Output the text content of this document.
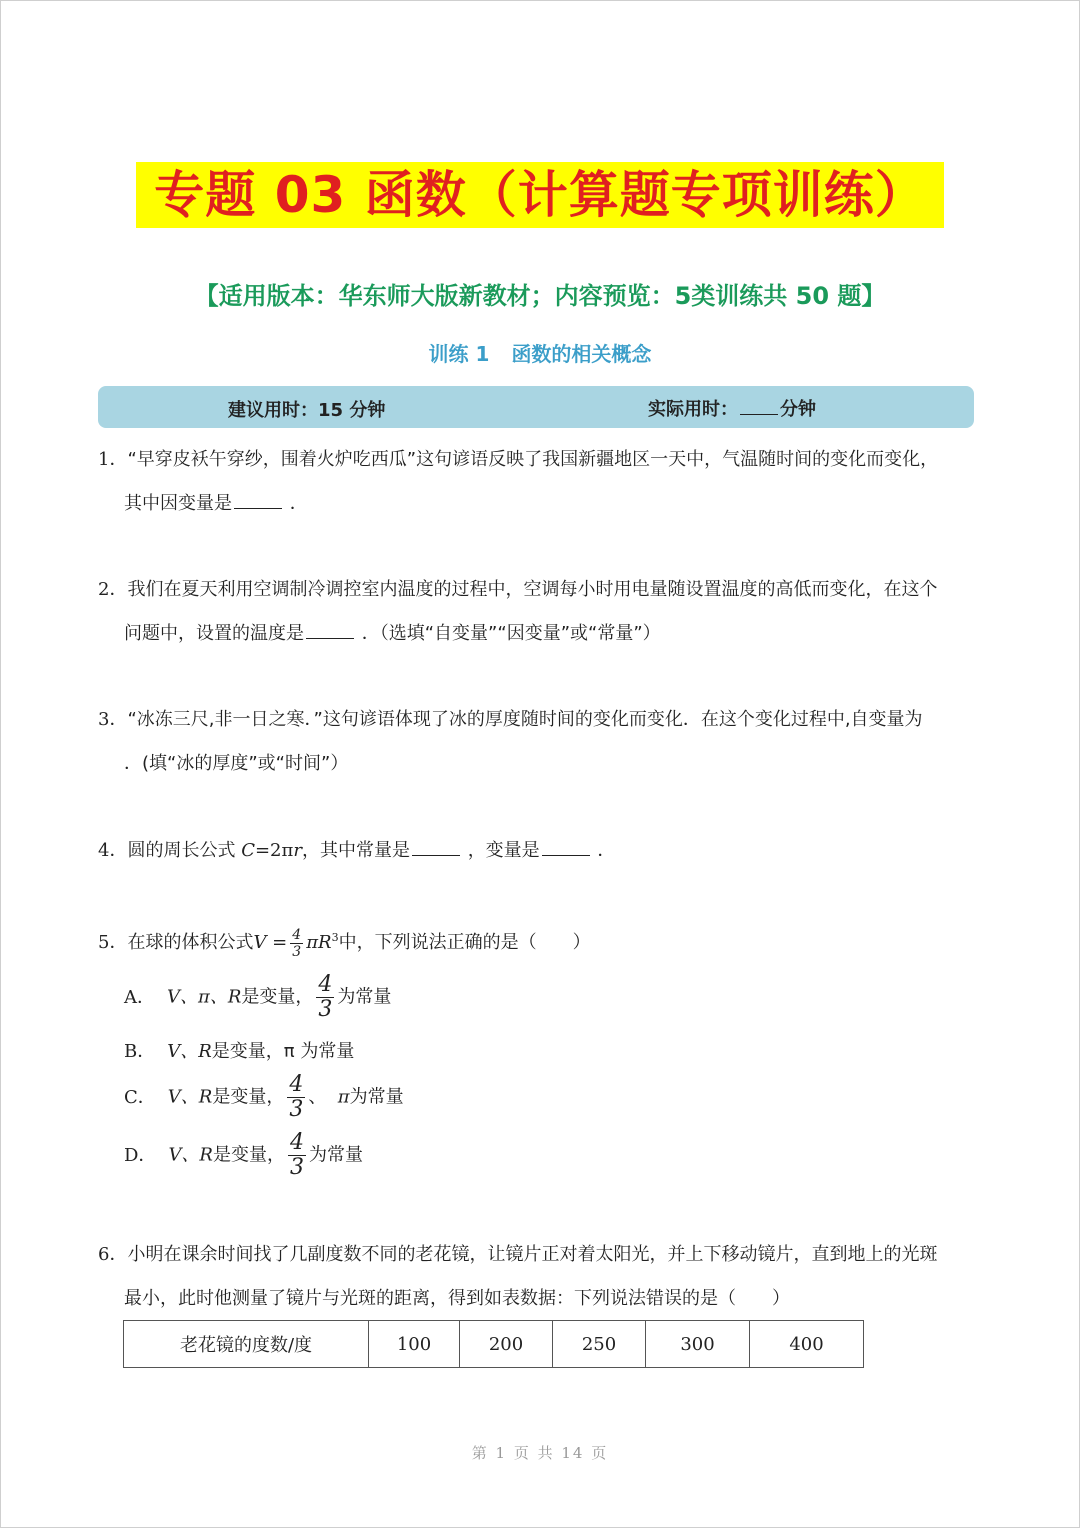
专题 03 函数（计算题专项训练）
【适用版本：华东师大版新教材；内容预览：5类训练共 50 题】
训练 1 函数的相关概念
建议用时：15 分钟	实际用时： 分钟
1．“早穿皮袄午穿纱，围着火炉吃西瓜”这句谚语反映了我国新疆地区一天中，气温随时间的变化而变化，
其中因变量是	．
2．我们在夏天利用空调制冷调控室内温度的过程中，空调每小时用电量随设置温度的高低而变化，在这个
问题中，设置的温度是	．（选填“自变量”“因变量”或“常量”）
3．“冰冻三尺,非一日之寒．”这句谚语体现了冰的厚度随时间的变化而变化．在这个变化过程中,自变量为
．(填“冰的厚度”或“时间”）
4．圆的周长公式 C=2πr，其中常量是	，变量是	．
5．在球的体积公式$V = \frac{4}{3} \pi R^3$中，下列说法正确的是（　　）
A． V、π、R是变量， $\frac{4}{3}$ 为常量
B． V、R是变量，π 为常量
C． V、R是变量， $\frac{4}{3}$ 、 π为常量
D． V、R是变量， $\frac{4}{3}$ 为常量
6．小明在课余时间找了几副度数不同的老花镜，让镜片正对着太阳光，并上下移动镜片，直到地上的光斑
最小，此时他测量了镜片与光斑的距离，得到如表数据：下列说法错误的是（　　）
老花镜的度数/度	100	200	250	300	400
第 1 页 共 14 页
